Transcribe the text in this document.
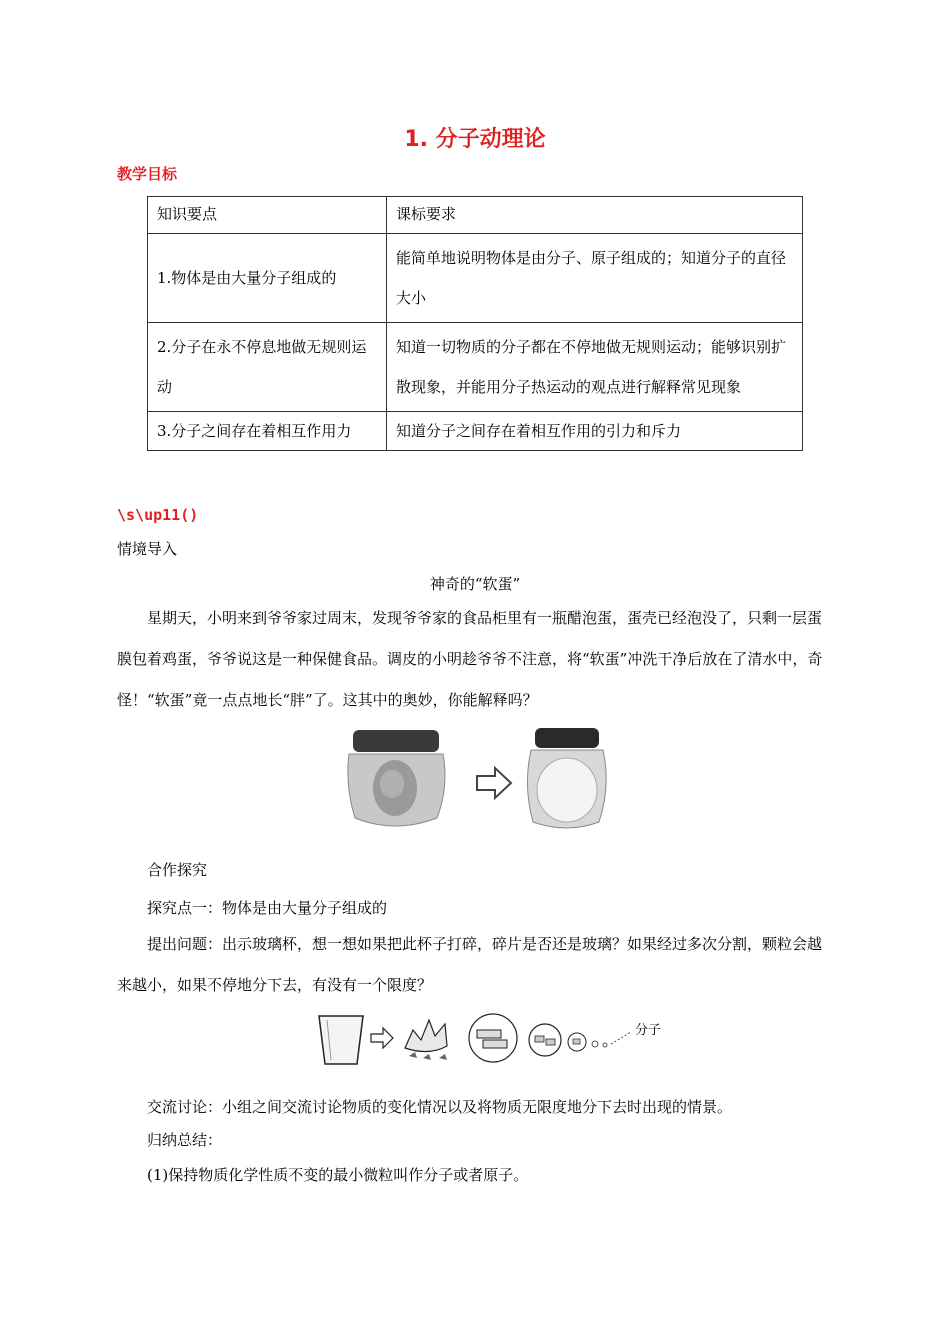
1. 分子动理论
教学目标
知识要点	课标要求
1.物体是由大量分子组成的	能简单地说明物体是由分子、原子组成的；知道分子的直径大小
2.分子在永不停息地做无规则运动	知道一切物质的分子都在不停地做无规则运动；能够识别扩散现象，并能用分子热运动的观点进行解释常见现象
3.分子之间存在着相互作用力	知道分子之间存在着相互作用的引力和斥力
\s\up11()
情境导入
神奇的“软蛋”
星期天，小明来到爷爷家过周末，发现爷爷家的食品柜里有一瓶醋泡蛋，蛋壳已经泡没了，只剩一层蛋膜包着鸡蛋，爷爷说这是一种保健食品。调皮的小明趁爷爷不注意，将“软蛋”冲洗干净后放在了清水中，奇怪！“软蛋”竟一点点地长“胖”了。这其中的奥妙，你能解释吗？
合作探究
探究点一：物体是由大量分子组成的
提出问题：出示玻璃杯，想一想如果把此杯子打碎，碎片是否还是玻璃？如果经过多次分割，颗粒会越来越小，如果不停地分下去，有没有一个限度？
分子
交流讨论：小组之间交流讨论物质的变化情况以及将物质无限度地分下去时出现的情景。
归纳总结：
(1)保持物质化学性质不变的最小微粒叫作分子或者原子。
